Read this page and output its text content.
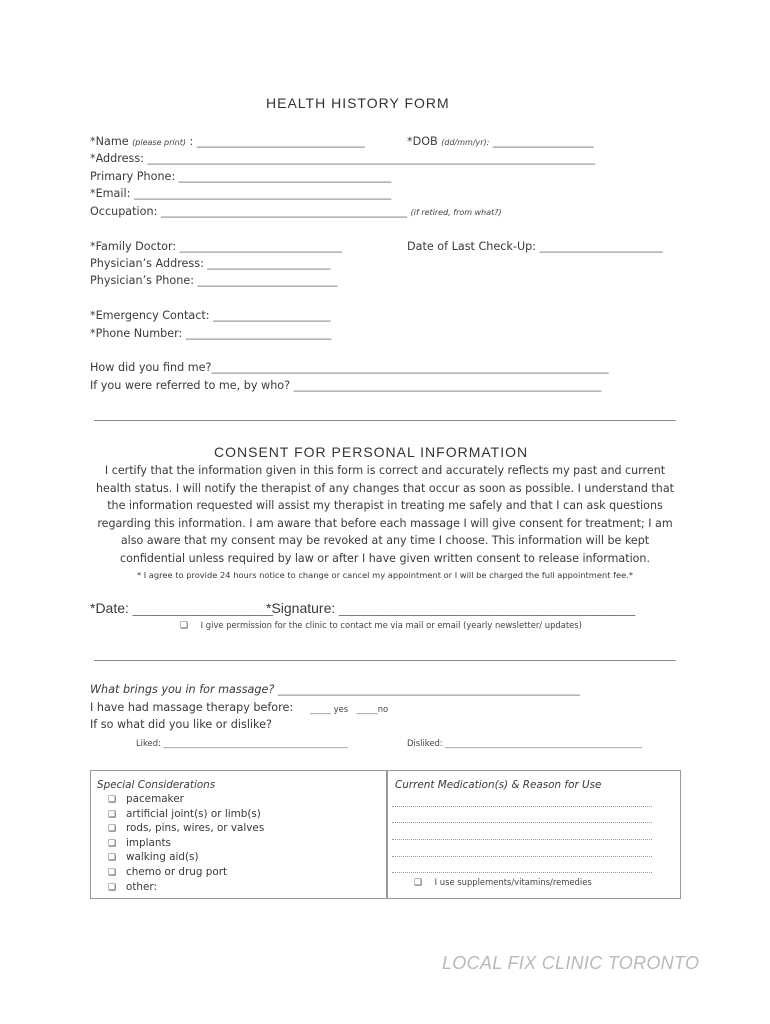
HEALTH HISTORY FORM
*Name (please print) : ______________________________	*DOB (dd/mm/yr): __________________
*Address: ________________________________________________________________________________
Primary Phone: ______________________________________
*Email: ______________________________________________
Occupation: ____________________________________________ (if retired, from what?)
*Family Doctor: _____________________________	Date of Last Check-Up: ______________________
Physician’s Address: ______________________
Physician’s Phone: _________________________
*Emergency Contact: _____________________
*Phone Number: __________________________
How did you find me?_______________________________________________________________________
If you were referred to me, by who? _______________________________________________________
CONSENT FOR PERSONAL INFORMATION
I certify that the information given in this form is correct and accurately reflects my past and current health status. I will notify the therapist of any changes that occur as soon as possible. I understand that the information requested will assist my therapist in treating me safely and that I can ask questions regarding this information. I am aware that before each massage I will give consent for treatment; I am also aware that my consent may be revoked at any time I choose. This information will be kept confidential unless required by law or after I have given written consent to release information.
* I agree to provide 24 hours notice to change or cancel my appointment or I will be charged the full appointment fee.*
*Date: __________________
*Signature: ______________________________________
❑ I give permission for the clinic to contact me via mail or email (yearly newsletter/ updates)
What brings you in for massage? ______________________________________________________
I have had massage therapy before: _____ yes _____no
If so what did you like or dislike?
Liked: ____________________________________________	Disliked: _______________________________________________
Special Considerations
❑ pacemaker
❑ artificial joint(s) or limb(s)
❑ rods, pins, wires, or valves
❑ implants
❑ walking aid(s)
❑ chemo or drug port
❑ other:
Current Medication(s) & Reason for Use
❑ I use supplements/vitamins/remedies
LOCAL FIX CLINIC TORONTO
